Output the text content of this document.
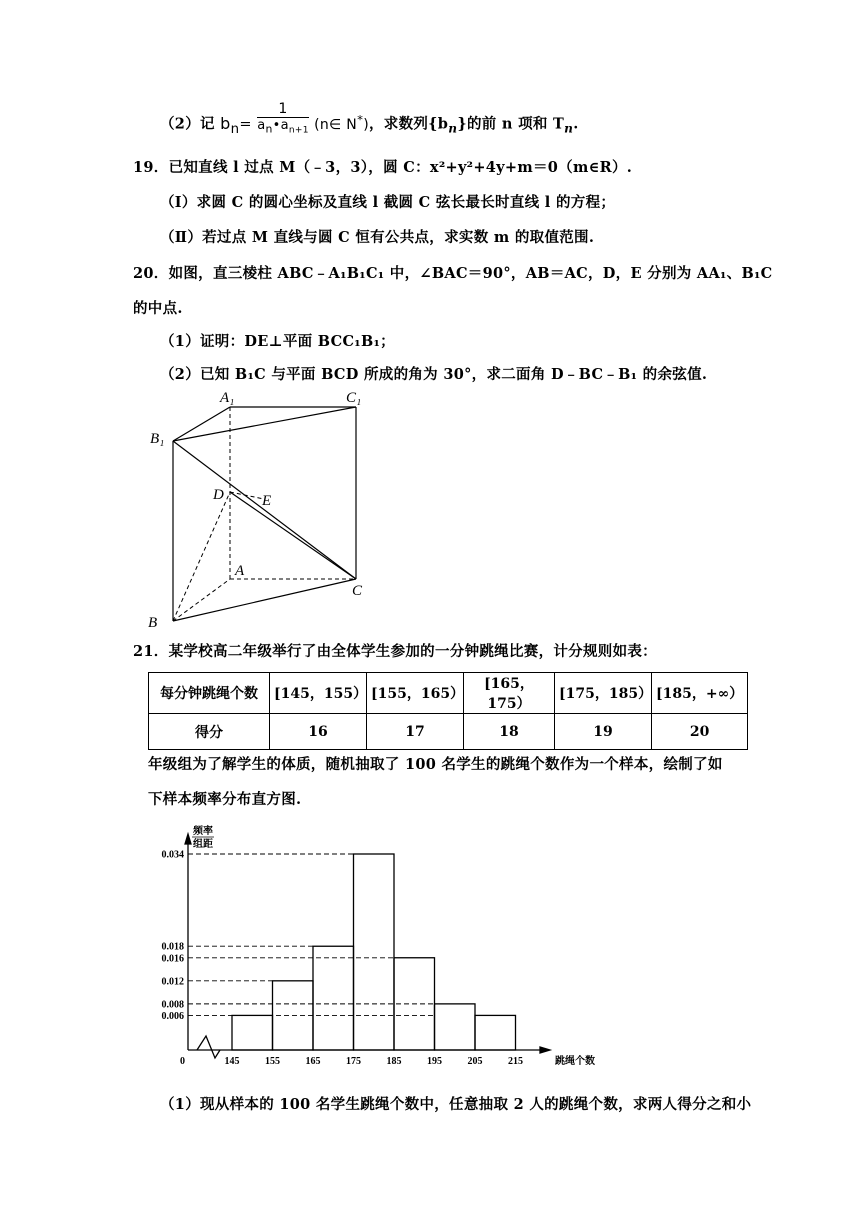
（2）记 $b_n= \frac{1}{a_n•a_{n+1}}$ (n∈ N*)，求数列$\{b_n\}$的前 n 项和 $T_n$.
19．已知直线 l 过点 M（﹣3，3），圆 C：x²+y²+4y+m＝0（m∈R）.
（Ⅰ）求圆 C 的圆心坐标及直线 l 截圆 C 弦长最长时直线 l 的方程；
（Ⅱ）若过点 M 直线与圆 C 恒有公共点，求实数 m 的取值范围.
20．如图，直三棱柱 ABC﹣A₁B₁C₁ 中，∠BAC＝90°，AB＝AC，D，E 分别为 AA₁、B₁C
的中点.
（1）证明：DE⊥平面 BCC₁B₁；
（2）已知 B₁C 与平面 BCD 所成的角为 30°，求二面角 D﹣BC﹣B₁ 的余弦值.
A₁	C₁
B₁
D	E
A
B
C
21．某学校高二年级举行了由全体学生参加的一分钟跳绳比赛，计分规则如表：
每分钟跳绳个数	[145，155）	[155，165）	[165，175）	[175，185）	[185，+∞）
得分	16	17	18	19	20
年级组为了解学生的体质，随机抽取了 100 名学生的跳绳个数作为一个样本，绘制了如
下样本频率分布直方图.
频率
组距
0	跳绳个数
0.034
0.018
0.016
0.012
0.008
0.006
145	155	165	175	185	195	205	215
（1）现从样本的 100 名学生跳绳个数中，任意抽取 2 人的跳绳个数，求两人得分之和小
